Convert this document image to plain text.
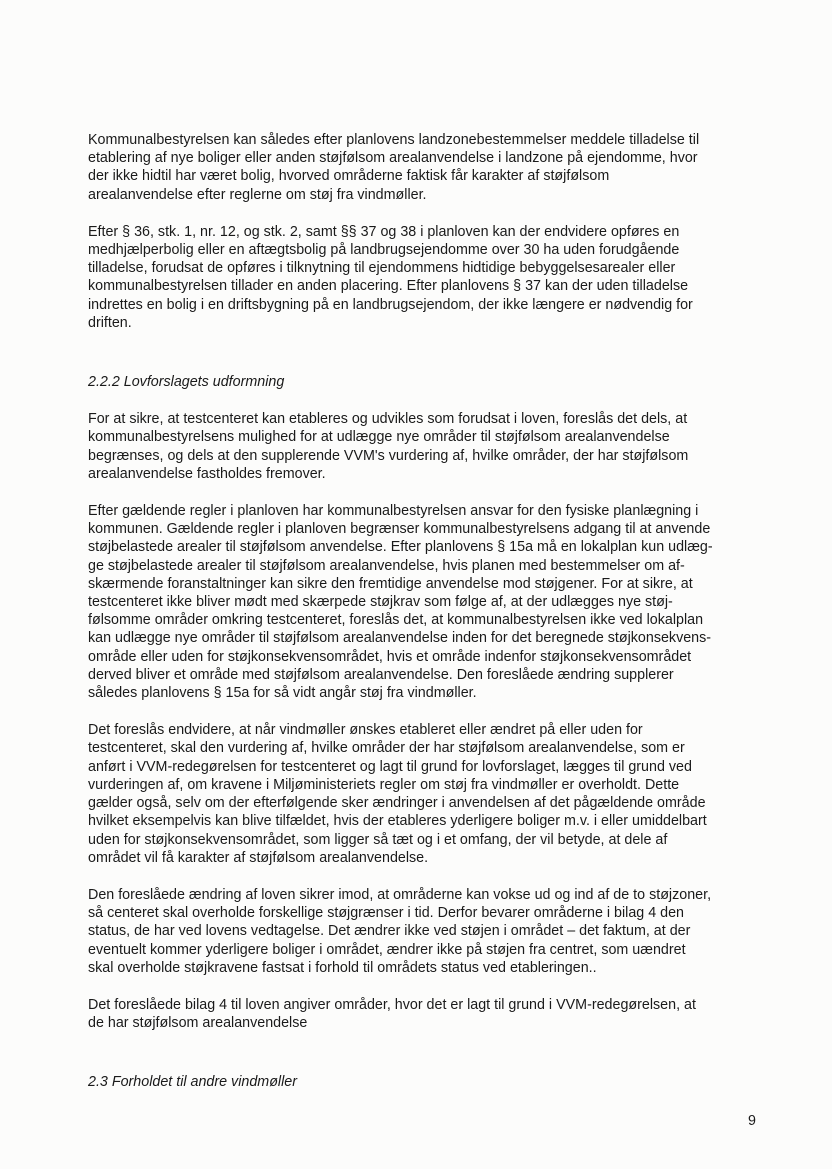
Kommunalbestyrelsen kan således efter planlovens landzonebestemmelser meddele tilladelse til
etablering af nye boliger eller anden støjfølsom arealanvendelse i landzone på ejendomme, hvor
der ikke hidtil har været bolig, hvorved områderne faktisk får karakter af støjfølsom
arealanvendelse efter reglerne om støj fra vindmøller.

Efter § 36, stk. 1, nr. 12, og stk. 2, samt §§ 37 og 38 i planloven kan der endvidere opføres en
medhjælperbolig eller en aftægtsbolig på landbrugsejendomme over 30 ha uden forudgående
tilladelse, forudsat de opføres i tilknytning til ejendommens hidtidige bebyggelsesarealer eller
kommunalbestyrelsen tillader en anden placering. Efter planlovens § 37 kan der uden tilladelse
indrettes en bolig i en driftsbygning på en landbrugsejendom, der ikke længere er nødvendig for
driften.

2.2.2 Lovforslagets udformning

For at sikre, at testcenteret kan etableres og udvikles som forudsat i loven, foreslås det dels, at
kommunalbestyrelsens mulighed for at udlægge nye områder til støjfølsom arealanvendelse
begrænses, og dels at den supplerende VVM's vurdering af, hvilke områder, der har støjfølsom
arealanvendelse fastholdes fremover.

Efter gældende regler i planloven har kommunalbestyrelsen ansvar for den fysiske planlægning i
kommunen. Gældende regler i planloven begrænser kommunalbestyrelsens adgang til at anvende
støjbelastede arealer til støjfølsom anvendelse. Efter planlovens § 15a må en lokalplan kun udlæg-
ge støjbelastede arealer til støjfølsom arealanvendelse, hvis planen med bestemmelser om af-
skærmende foranstaltninger kan sikre den fremtidige anvendelse mod støjgener. For at sikre, at
testcenteret ikke bliver mødt med skærpede støjkrav som følge af, at der udlægges nye støj-
følsomme områder omkring testcenteret, foreslås det, at kommunalbestyrelsen ikke ved lokalplan
kan udlægge nye områder til støjfølsom arealanvendelse inden for det beregnede støjkonsekvens-
område eller uden for støjkonsekvensområdet, hvis et område indenfor støjkonsekvensområdet
derved bliver et område med støjfølsom arealanvendelse. Den foreslåede ændring supplerer
således planlovens § 15a for så vidt angår støj fra vindmøller.

Det foreslås endvidere, at når vindmøller ønskes etableret eller ændret på eller uden for
testcenteret, skal den vurdering af, hvilke områder der har støjfølsom arealanvendelse, som er
anført i VVM-redegørelsen for testcenteret og lagt til grund for lovforslaget, lægges til grund ved
vurderingen af, om kravene i Miljøministeriets regler om støj fra vindmøller er overholdt. Dette
gælder også, selv om der efterfølgende sker ændringer i anvendelsen af det pågældende område
hvilket eksempelvis kan blive tilfældet, hvis der etableres yderligere boliger m.v. i eller umiddelbart
uden for støjkonsekvensområdet, som ligger så tæt og i et omfang, der vil betyde, at dele af
området vil få karakter af støjfølsom arealanvendelse.

Den foreslåede ændring af loven sikrer imod, at områderne kan vokse ud og ind af de to støjzoner,
så centeret skal overholde forskellige støjgrænser i tid. Derfor bevarer områderne i bilag 4 den
status, de har ved lovens vedtagelse. Det ændrer ikke ved støjen i området – det faktum, at der
eventuelt kommer yderligere boliger i området, ændrer ikke på støjen fra centret, som uændret
skal overholde støjkravene fastsat i forhold til områdets status ved etableringen..

Det foreslåede bilag 4 til loven angiver områder, hvor det er lagt til grund i VVM-redegørelsen, at
de har støjfølsom arealanvendelse

2.3 Forholdet til andre vindmøller
9
